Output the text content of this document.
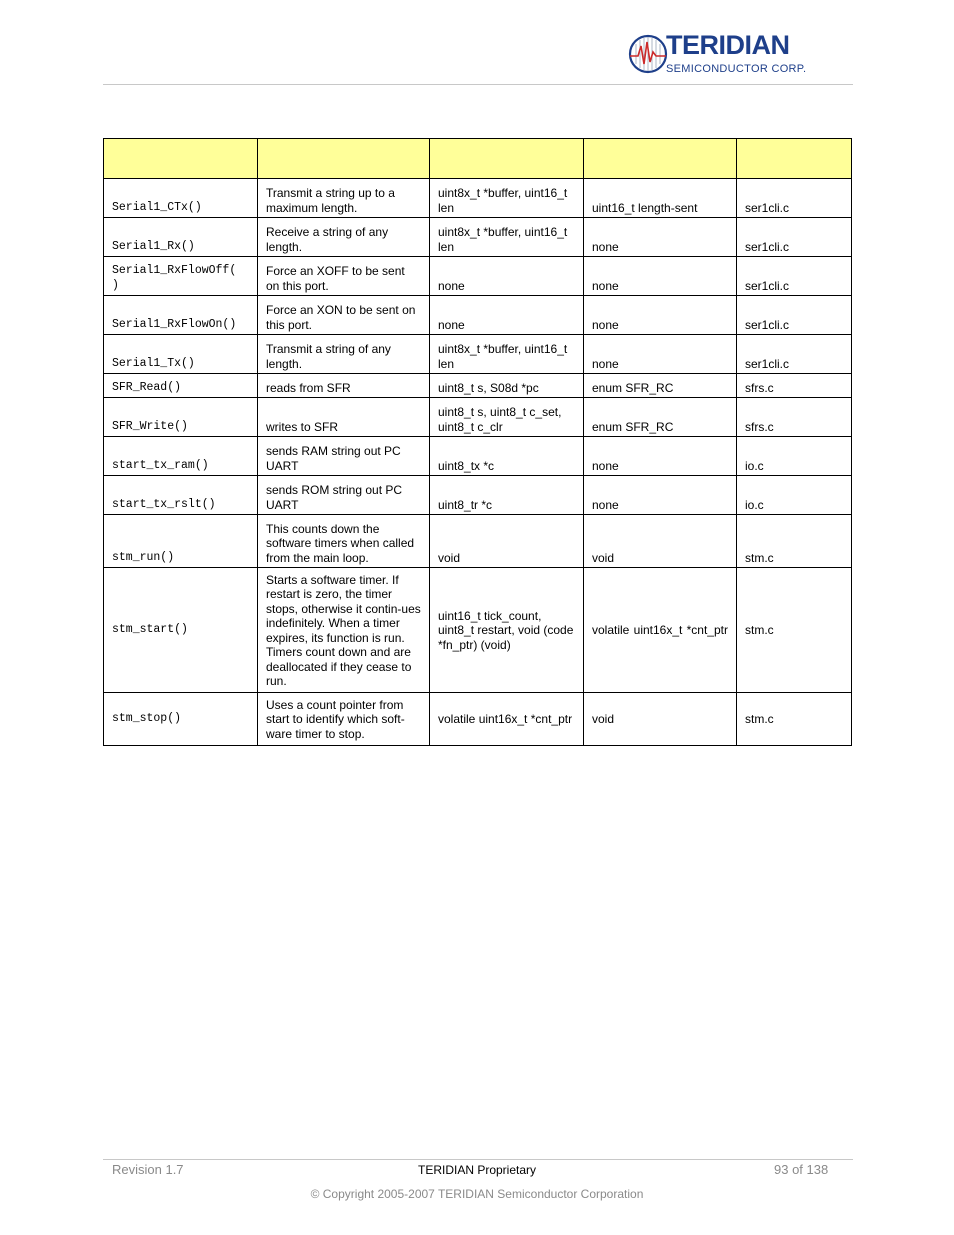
TERIDIAN
SEMICONDUCTOR CORP.

Serial1_CTx()	Transmit a string up to a maximum length.	uint8x_t *buffer, uint16_t len	uint16_t length-sent	ser1cli.c
Serial1_Rx()	Receive a string of any length.	uint8x_t *buffer, uint16_t len	none	ser1cli.c
Serial1_RxFlowOff( )	Force an XOFF to be sent on this port.	none	none	ser1cli.c
Serial1_RxFlowOn()	Force an XON to be sent on this port.	none	none	ser1cli.c
Serial1_Tx()	Transmit a string of any length.	uint8x_t *buffer, uint16_t len	none	ser1cli.c
SFR_Read()	reads from SFR	uint8_t s, S08d *pc	enum SFR_RC	sfrs.c
SFR_Write()	writes to SFR	uint8_t s, uint8_t c_set, uint8_t c_clr	enum SFR_RC	sfrs.c
start_tx_ram()	sends RAM string out PC UART	uint8_tx *c	none	io.c
start_tx_rslt()	sends ROM string out PC UART	uint8_tr *c	none	io.c
stm_run()	This counts down the software timers when called from the main loop.	void	void	stm.c
stm_start()	Starts a software timer. If restart is zero, the timer stops, otherwise it contin-ues indefinitely. When a timer expires, its function is run. Timers count down and are deallocated if they cease to run.	uint16_t tick_count, uint8_t restart, void (code *fn_ptr) (void)	volatile uint16x_t *cnt_ptr	stm.c
stm_stop()	Uses a count pointer from start to identify which soft-ware timer to stop.	volatile uint16x_t *cnt_ptr	void	stm.c
Revision 1.7	TERIDIAN Proprietary	93 of 138
© Copyright 2005-2007 TERIDIAN Semiconductor Corporation
